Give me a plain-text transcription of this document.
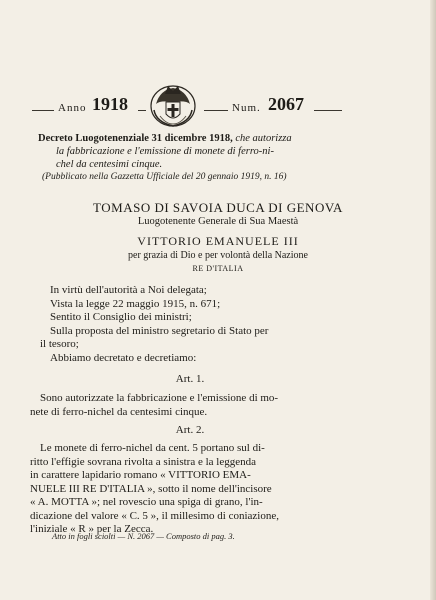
Anno 1918	Num. 2067
Decreto Luogotenenziale 31 dicembre 1918, che autorizza
la fabbricazione e l'emissione di monete di ferro-ni-
chel da centesimi cinque.
(Pubblicato nella Gazzetta Ufficiale del 20 gennaio 1919, n. 16)
TOMASO DI SAVOIA DUCA DI GENOVA
Luogotenente Generale di Sua Maestà
VITTORIO EMANUELE III
per grazia di Dio e per volontà della Nazione
RE D'ITALIA
In virtù dell'autorità a Noi delegata;
Vista la legge 22 maggio 1915, n. 671;
Sentito il Consiglio dei ministri;
Sulla proposta del ministro segretario di Stato per
il tesoro;
Abbiamo decretato e decretiamo:
Art. 1.
Sono autorizzate la fabbricazione e l'emissione di mo-
nete di ferro-nichel da centesimi cinque.
Art. 2.
Le monete di ferro-nichel da cent. 5 portano sul di-
ritto l'effigie sovrana rivolta a sinistra e la leggenda
in carattere lapidario romano « VITTORIO EMA-
NUELE III RE D'ITALIA », sotto il nome dell'incisore
« A. MOTTA »; nel rovescio una spiga di grano, l'in-
dicazione del valore « C. 5 », il millesimo di coniazione,
l'iniziale « R » per la Zecca.
Atto in fogli sciolti — N. 2067 — Composto di pag. 3.
